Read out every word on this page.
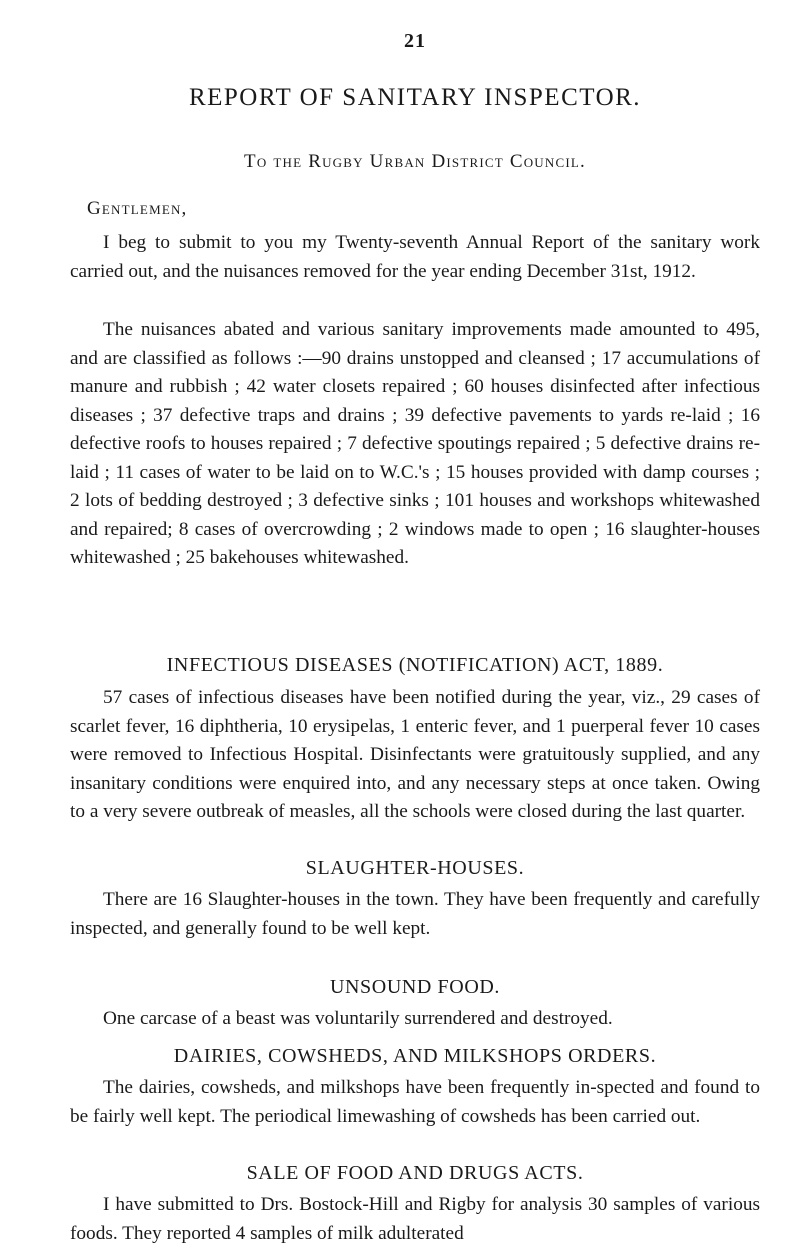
21
REPORT OF SANITARY INSPECTOR.
To the Rugby Urban District Council.
Gentlemen,

I beg to submit to you my Twenty-seventh Annual Report of the sanitary work carried out, and the nuisances removed for the year ending December 31st, 1912.

The nuisances abated and various sanitary improvements made amounted to 495, and are classified as follows :—90 drains unstopped and cleansed ; 17 accumulations of manure and rubbish ; 42 water closets repaired ; 60 houses disinfected after infectious diseases ; 37 defective traps and drains ; 39 defective pavements to yards re-laid ; 16 defective roofs to houses repaired ; 7 defective spoutings repaired ; 5 defective drains re-laid ; 11 cases of water to be laid on to W.C.'s ; 15 houses provided with damp courses ; 2 lots of bedding destroyed ; 3 defective sinks ; 101 houses and workshops whitewashed and repaired; 8 cases of overcrowding ; 2 windows made to open ; 16 slaughter-houses whitewashed ; 25 bakehouses whitewashed.

INFECTIOUS DISEASES (NOTIFICATION) ACT, 1889.

57 cases of infectious diseases have been notified during the year, viz., 29 cases of scarlet fever, 16 diphtheria, 10 erysipelas, 1 enteric fever, and 1 puerperal fever 10 cases were removed to Infectious Hospital. Disinfectants were gratuitously supplied, and any insanitary conditions were enquired into, and any necessary steps at once taken. Owing to a very severe outbreak of measles, all the schools were closed during the last quarter.

SLAUGHTER-HOUSES.

There are 16 Slaughter-houses in the town. They have been frequently and carefully inspected, and generally found to be well kept.

UNSOUND FOOD.

One carcase of a beast was voluntarily surrendered and destroyed.

DAIRIES, COWSHEDS, AND MILKSHOPS ORDERS.

The dairies, cowsheds, and milkshops have been frequently in-spected and found to be fairly well kept. The periodical limewashing of cowsheds has been carried out.

SALE OF FOOD AND DRUGS ACTS.

I have submitted to Drs. Bostock-Hill and Rigby for analysis 30 samples of various foods. They reported 4 samples of milk adulterated
